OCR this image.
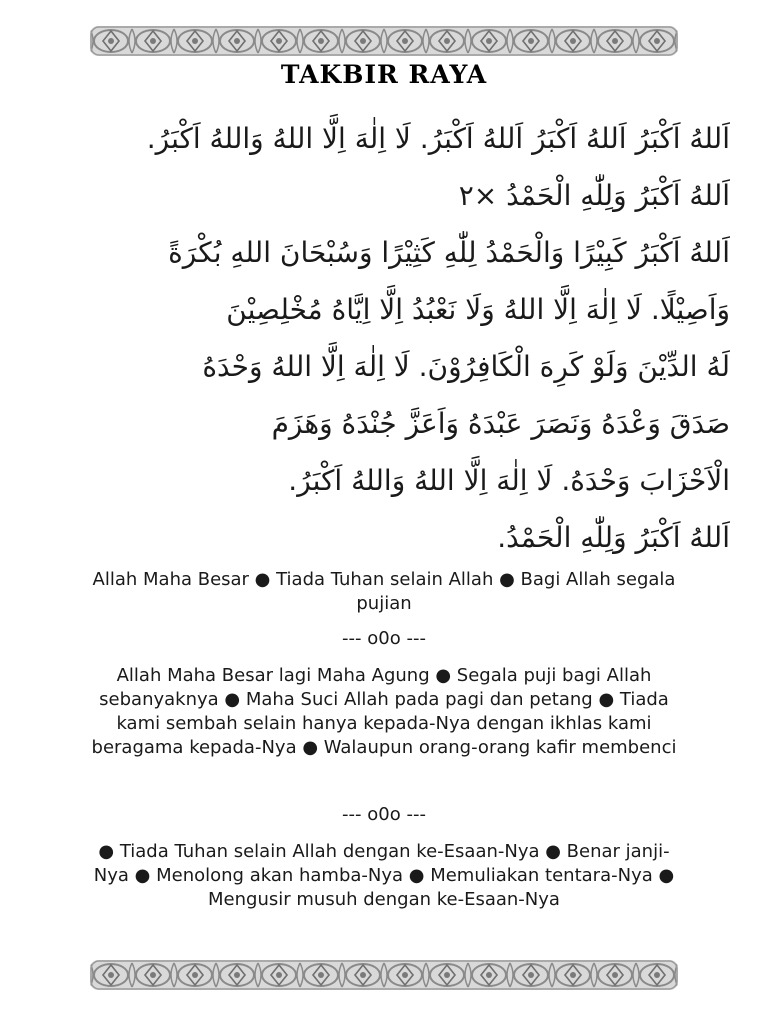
TAKBIR RAYA
اَللهُ اَكْبَرُ اَللهُ اَكْبَرُ اَللهُ اَكْبَرُ. لَا اِلٰهَ اِلَّا اللهُ وَاللهُ اَكْبَرُ.
اَللهُ اَكْبَرُ وَلِلّٰهِ الْحَمْدُ ×٢
اَللهُ اَكْبَرُ كَبِيْرًا وَالْحَمْدُ لِلّٰهِ كَثِيْرًا وَسُبْحَانَ اللهِ بُكْرَةً
وَاَصِيْلًا. لَا اِلٰهَ اِلَّا اللهُ وَلَا نَعْبُدُ اِلَّا اِيَّاهُ مُخْلِصِيْنَ
لَهُ الدِّيْنَ وَلَوْ كَرِهَ الْكَافِرُوْنَ. لَا اِلٰهَ اِلَّا اللهُ وَحْدَهُ
صَدَقَ وَعْدَهُ وَنَصَرَ عَبْدَهُ وَاَعَزَّ جُنْدَهُ وَهَزَمَ
الْاَحْزَابَ وَحْدَهُ. لَا اِلٰهَ اِلَّا اللهُ وَاللهُ اَكْبَرُ.
اَللهُ اَكْبَرُ وَلِلّٰهِ الْحَمْدُ.

Allah Maha Besar ● Tiada Tuhan selain Allah ● Bagi Allah segala pujian

--- o0o ---

Allah Maha Besar lagi Maha Agung ● Segala puji bagi Allah sebanyaknya ● Maha Suci Allah pada pagi dan petang ● Tiada kami sembah selain hanya kepada-Nya dengan ikhlas kami beragama kepada-Nya ● Walaupun orang-orang kafir membenci

--- o0o ---

● Tiada Tuhan selain Allah dengan ke-Esaan-Nya ● Benar janji-Nya ● Menolong akan hamba-Nya ● Memuliakan tentara-Nya ● Mengusir musuh dengan ke-Esaan-Nya
